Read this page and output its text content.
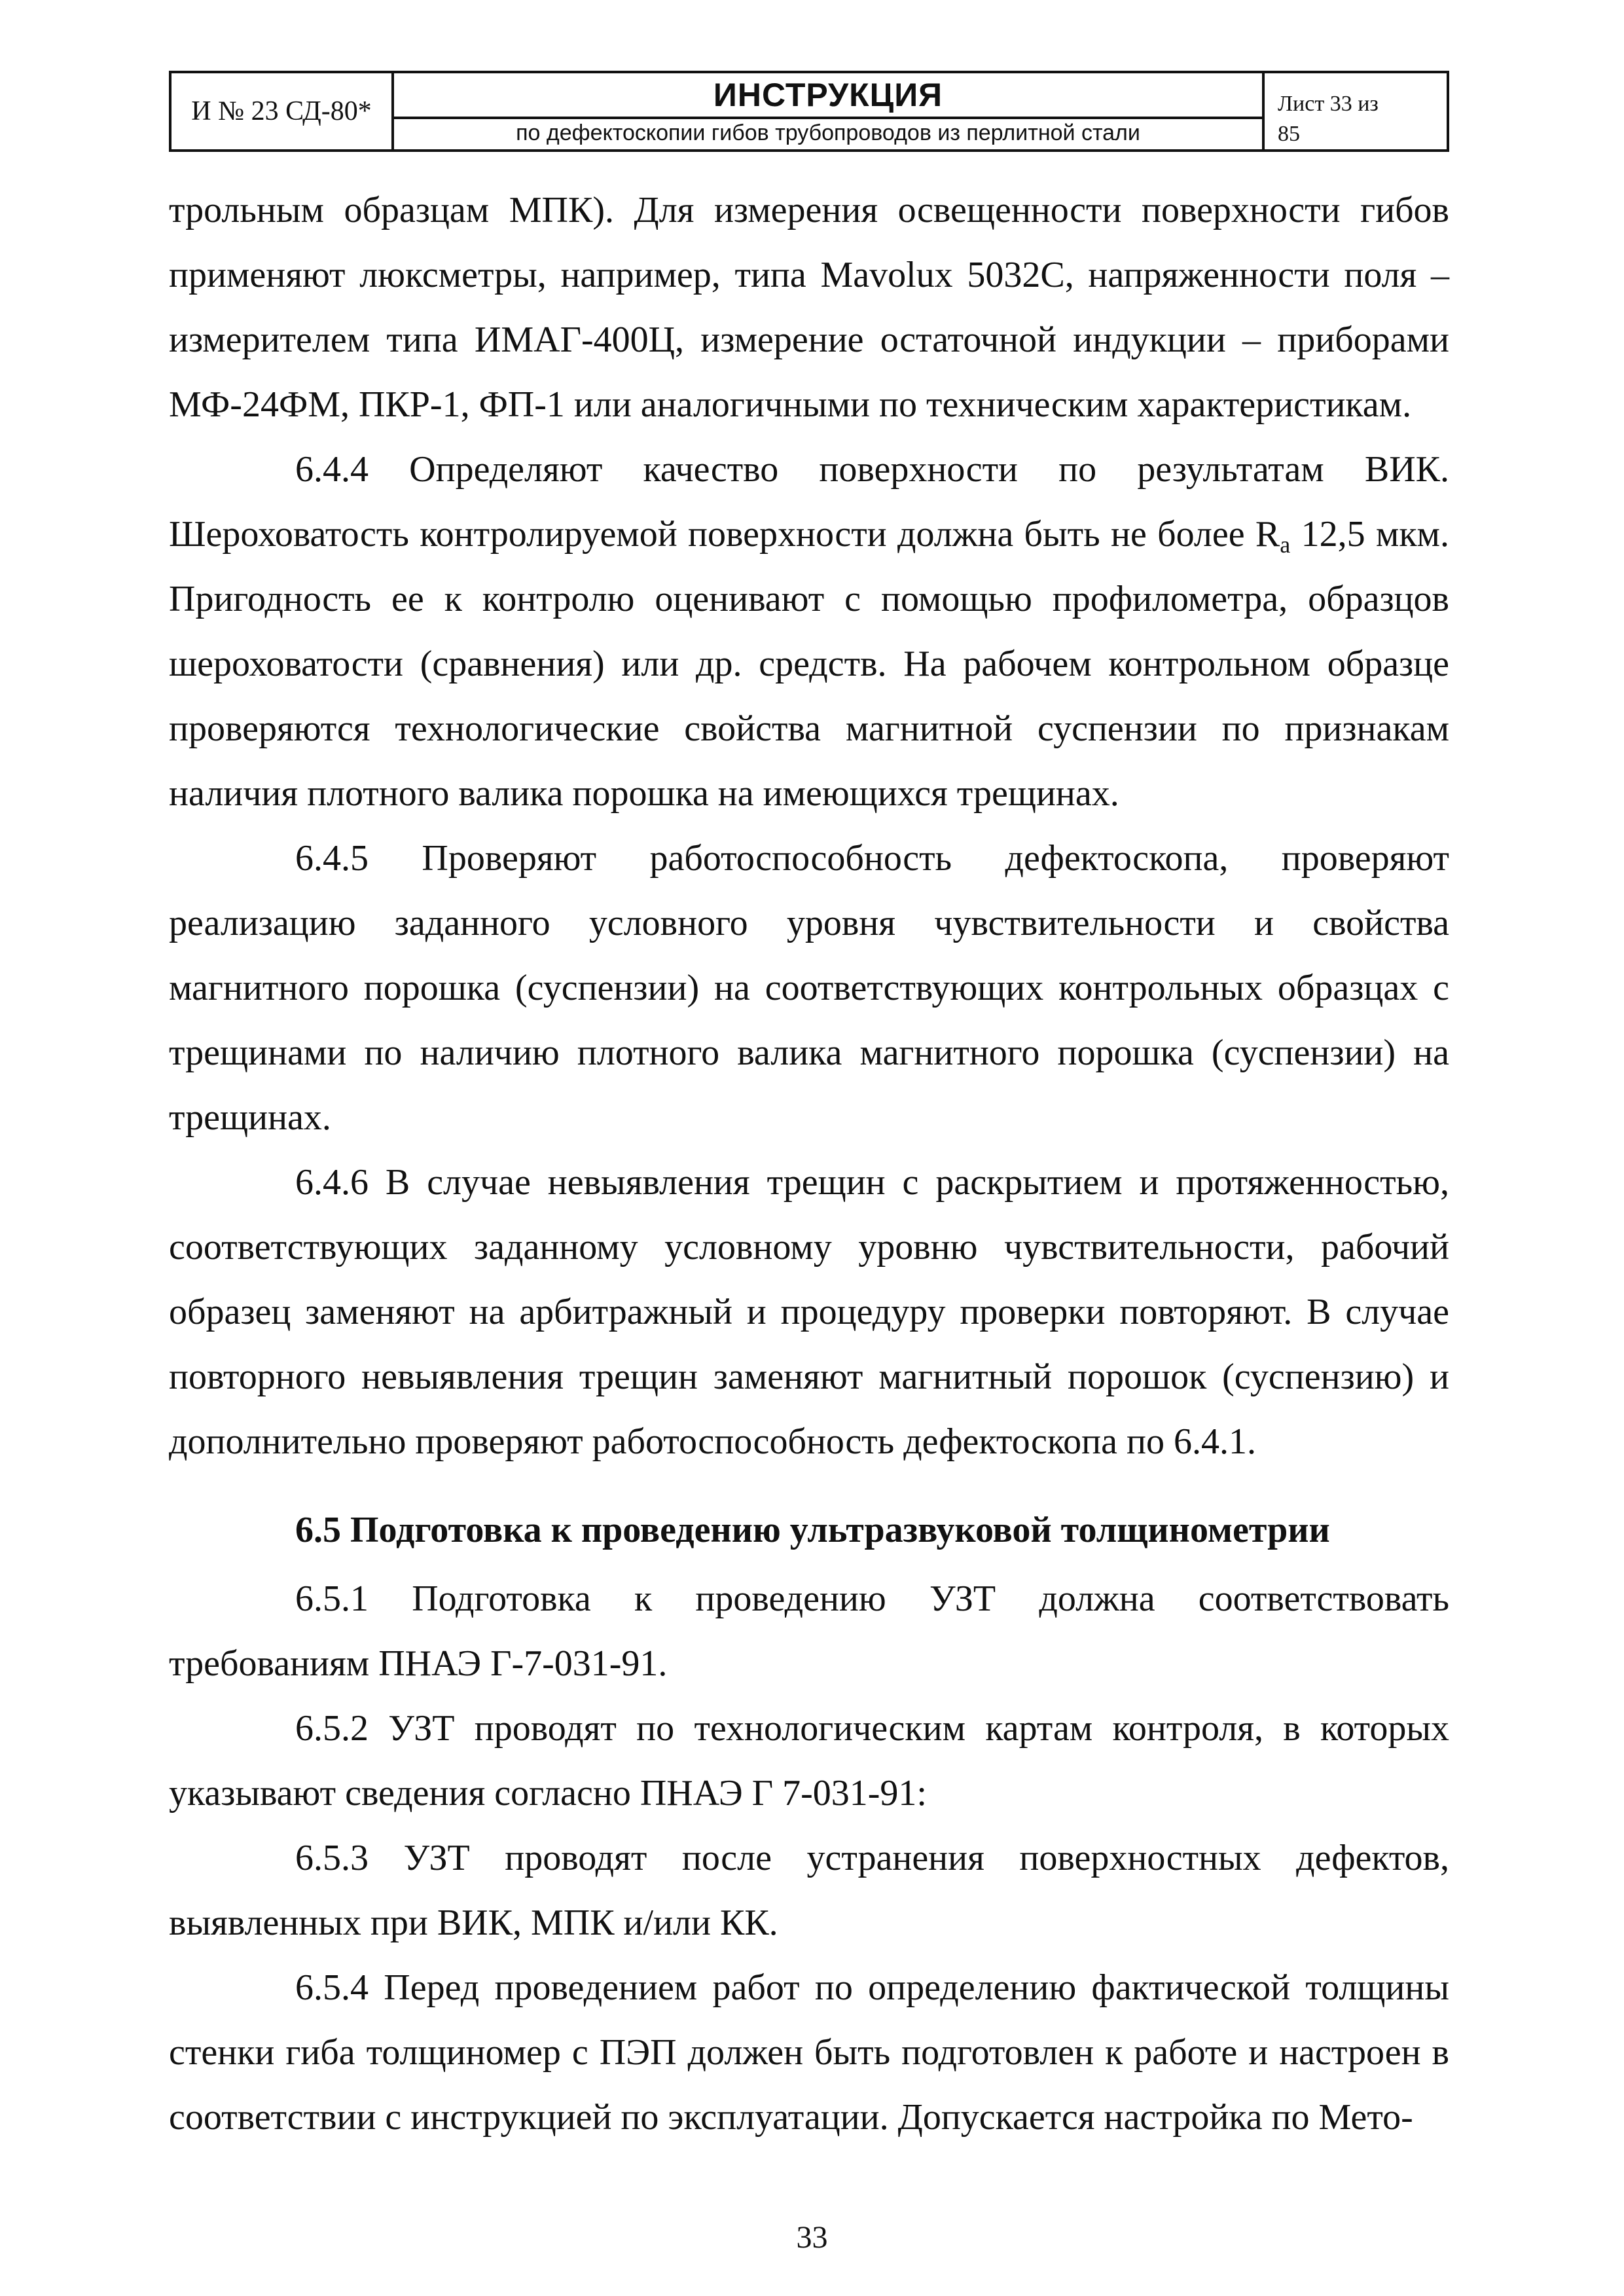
И № 23 СД-80*	ИНСТРУКЦИЯ
по дефектоскопии гибов трубопроводов из перлитной стали
Лист 33 из
85

трольным образцам МПК). Для измерения освещенности поверхности гибов применяют люксметры, например, типа Mavolux 5032С, напряженности поля – измерителем типа ИМАГ-400Ц, измерение остаточной индукции – приборами МФ-24ФМ, ПКР-1, ФП-1 или аналогичными по техническим характеристикам.

6.4.4 Определяют качество поверхности по результатам ВИК. Шероховатость контролируемой поверхности должна быть не более $R_a$ 12,5 мкм. Пригодность ее к контролю оценивают с помощью профилометра, образцов шероховатости (сравнения) или др. средств. На рабочем контрольном образце проверяются технологические свойства магнитной суспензии по признакам наличия плотного валика порошка на имеющихся трещинах.

6.4.5 Проверяют работоспособность дефектоскопа, проверяют реализацию заданного условного уровня чувствительности и свойства магнитного порошка (суспензии) на соответствующих контрольных образцах с трещинами по наличию плотного валика магнитного порошка (суспензии) на трещинах.

6.4.6 В случае невыявления трещин с раскрытием и протяженностью, соответствующих заданному условному уровню чувствительности, рабочий образец заменяют на арбитражный и процедуру проверки повторяют. В случае повторного невыявления трещин заменяют магнитный порошок (суспензию) и дополнительно проверяют работоспособность дефектоскопа по 6.4.1.

6.5 Подготовка к проведению ультразвуковой толщинометрии

6.5.1 Подготовка к проведению УЗТ должна соответствовать требованиям ПНАЭ Г-7-031-91.

6.5.2 УЗТ проводят по технологическим картам контроля, в которых указывают сведения согласно ПНАЭ Г 7-031-91:

6.5.3 УЗТ проводят после устранения поверхностных дефектов, выявленных при ВИК, МПК и/или КК.

6.5.4 Перед проведением работ по определению фактической толщины стенки гиба толщиномер с ПЭП должен быть подготовлен к работе и настроен в соответствии с инструкцией по эксплуатации. Допускается настройка по Мето-

33
